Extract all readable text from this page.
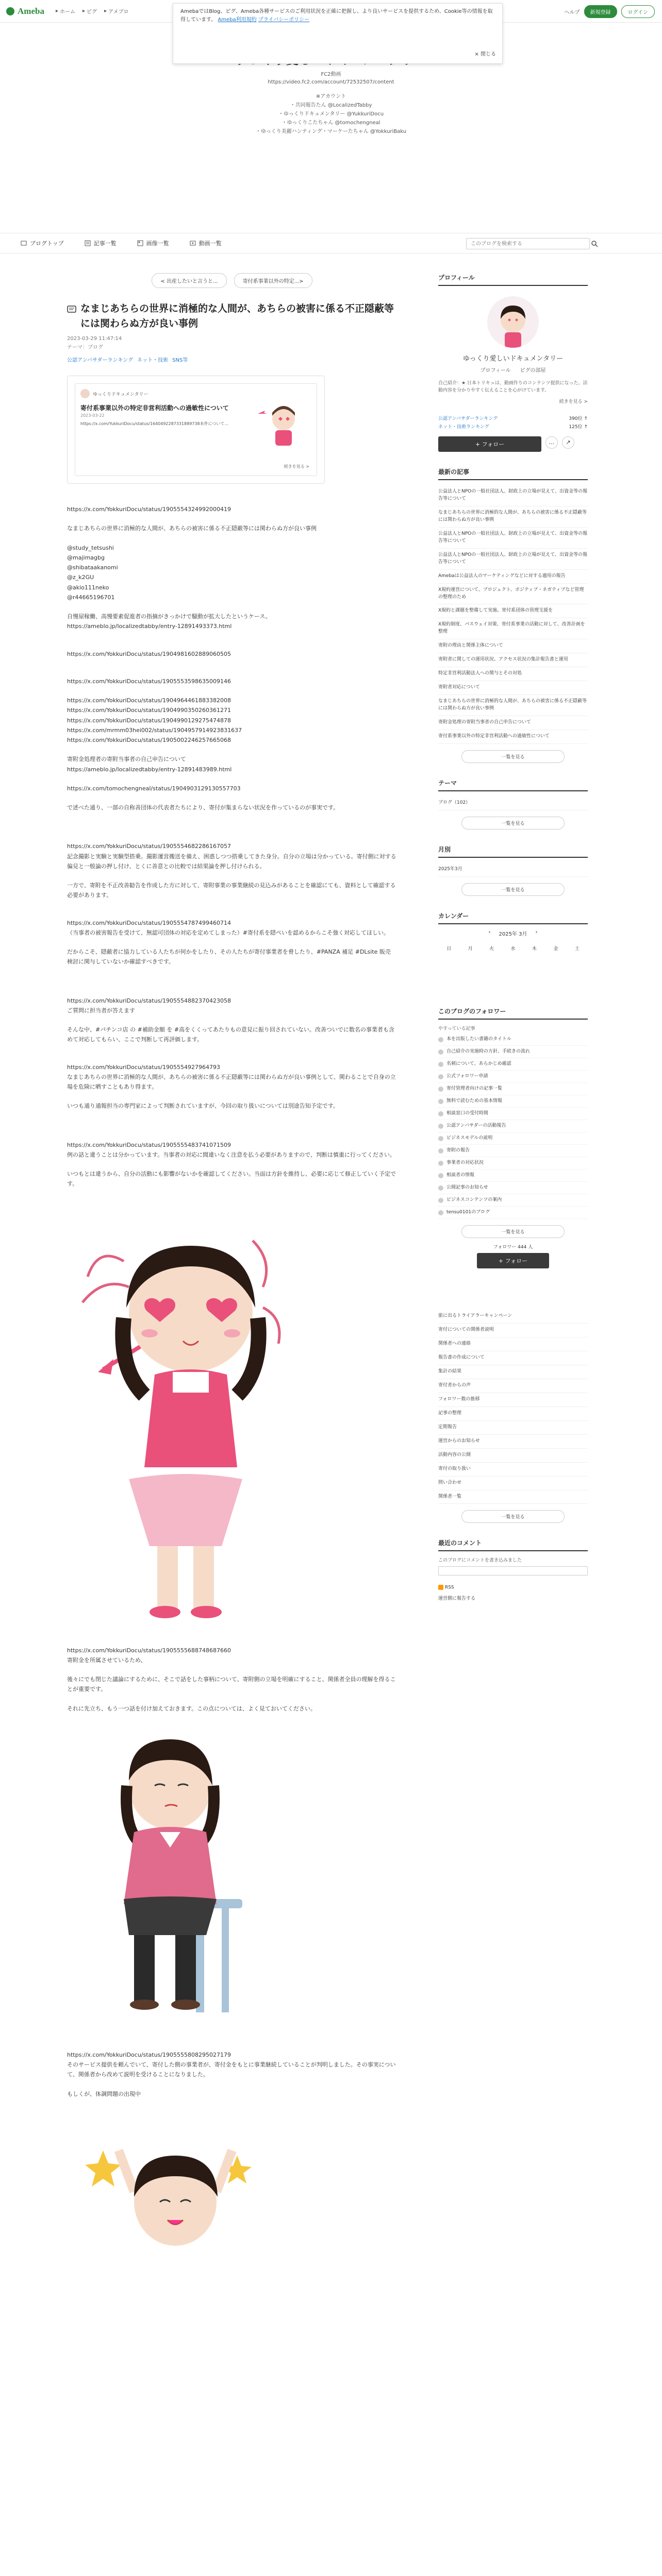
Ameba ▸ ホーム ▸ ピグ ▸ アメブロ	ヘルプ	新規登録	ログイン
FC2動画
https://video.fc2.com/account/72532507/content
※アカウント
・共同報告たん @LocalizedTabby
・ゆっくりドキュメンタリー @YukkuriDocu
・ゆっくりこたちゃん @tomochengneal
・ゆっくり美麗ハンティング・マーケーたちゃん @YokkuriBaku
AmebaではBlog、ピグ、Ameba各種サービスのご利用状況を正確に把握し、より良いサービスを提供するため、Cookie等の情報を取得しています。 Ameba利用規約 プライバシーポリシー
× 閉じる
ブログトップ	記事一覧	画像一覧	動画一覧
このブログを検索する
< 出産したいと言うと...	寄付系事業以外の特定...>
なまじあちらの世界に消極的な人間が、あちらの被害に係る不正隠蔽等には関わらぬ方が良い事例
2023-03-29 11:47:14
テーマ：ブログ
公認アンバサダーランキング ネット・技術 SNS等
ゆっくりドキュメンタリー
寄付系事業以外の特定非営利活動への過敏性について
2023-03-22
https://x.com/YukkuriDocu/status/1640492287331889738本件について...
続きを見る >

https://x.com/YokkuriDocu/status/1905554324992000419

なまじあちらの世界に消極的な人間が、あちらの被害に係る不正隠蔽等には関わらぬ方が良い事例

@study_tetsushi
@majimagbg
@shibataakanomi
@z_k2GU
@akio111neko
@r44665196701

自慢屋稼働、高慢要素促進者の指摘がきっかけで騒動が拡大したというケース。
https://ameblo.jp/localizedtabby/entry-12891493373.html

https://x.com/YokkuriDocu/status/1904981602889060505

https://x.com/YokkuriDocu/status/1905553598635009146

https://x.com/YokkuriDocu/status/1904964461883382008
https://x.com/YokkuriDocu/status/1904990350260361271
https://x.com/YokkuriDocu/status/1904990129275474878
https://x.com/mrmm03hei002/status/1904957914923831637
https://x.com/YokkuriDocu/status/1905002246257665068

寄附金処理者の寄附当事者の自己申告について
https://ameblo.jp/localizedtabby/entry-12891483989.html

https://x.com/tomochengneal/status/1904903129130557703

で述べた通り、一部の自称善団体の代表者たちにより、寄付が集まらない状況を作っているのが事実です。

https://x.com/YokkuriDocu/status/1905554682286167057
記念撮影と実験と実験型搭乗。撮影運営搬送を備え、困惑しつつ搭乗してきた身分。自分の立場は分かっている。寄付側に対する偏見と一般論の押し付け、とくに善意との比較では結果論を押し付けられる。

一方で、寄附を不正改善勧告を作成した方に対して、寄附事業の事業継続の見込みがあることを確認にても、資料として確認する必要があります。

https://x.com/YokkuriDocu/status/1905554787499460714
（当事者の被害報告を受けて、無認可団体の対応を定めてしまった）#寄付系を隠ぺいを認めるからこそ強く対応してほしい。

だからこそ、隠蔽者に協力している人たちが何かをしたり、その人たちが寄付事業者を脅したり、#PANZA 補足 #DLsite 販売 検討に関与していないか確認すべきです。

https://x.com/YokkuriDocu/status/1905554882370423058
ご質問に担当者が答えます

そんな中、#パチンコ店 の #補助金額 を #高をくくってあたりもの意見に振り回されていない。改善ついでに数名の事業者も含めて対応してもらい、ここで判断して再評価します。

https://x.com/YokkuriDocu/status/1905554927964793
なまじあちらの世界に消極的な人間が、あちらの被害に係る不正隠蔽等には関わらぬ方が良い事例として、関わることで自身の立場を危険に晒すこともあり得ます。

いつも通り通報担当の専門家によって判断されていますが、今回の取り扱いについては別途告知予定です。

https://x.com/YokkuriDocu/status/1905555483741071509
例の話と違うことは分かっています。当事者の対応に間違いなく注意を払う必要がありますので、判断は慎重に行ってください。

いつもとは違うから、自分の活動にも影響がないかを確認してください。当面は方針を維持し、必要に応じて修正していく予定です。

https://x.com/YokkuriDocu/status/1905555688748687660
寄附金を所属させているため、

後々にでも閉じた議論にするために、そこで話をした事柄について、寄附側の立場を明確にすること、関係者全員の理解を得ることが重要です。

それに先立ち、もう一つ話を付け加えておきます。この点については、よく見ておいてください。

https://x.com/YokkuriDocu/status/1905555808295027179
そのサービス提供を頼んでいて、寄付した側の事業者が、寄付金をもとに事業継続していることが判明しました。その事実について、関係者から改めて説明を受けることになりました。

もしくが、体調問題の出現中

プロフィール
ゆっくり愛しいドキュメンタリー
プロフィール ピグの部屋
自己紹介：★ 日本トリキュは、動画作りのコンテンツ提供になった。活動内容を分かりやすく伝えることを心がけています。
続きを見る >
公認アンバサダーランキング	390位 ↑
ネット・技術ランキング	125位 ↑
+ フォロー	…	↗
最新の記事
公益法人とNPOの一般社団法人、財政上の立場が見えて、出資金等の報告等について
なまじあちらの世界に消極的な人間が、あちらの被害に係る不正隠蔽等には関わらぬ方が良い事例
公益法人とNPOの一般社団法人、財政上の立場が見えて、出資金等の報告等について
公益法人とNPOの一般社団法人、財政上の立場が見えて、出資金等の報告等について
Amebaは公益法人のマーケティングなどに対する適用の報告
X規約運営について、プロジェクト、ポジティブ・ネガティブなど管理の整理のため
X規約と課題を整備して実施。寄付系団体の管理支援を
X規約制度、パスウェイ対策、寄付系事業の活動に対して、改善計画を整理
寄附の理由と関係主体について
寄附者に関しての運用状況、アクセス状況の集計報告書と運用
特定非営利活動法人への関与とその対処
寄附者対応について
なまじあちらの世界に消極的な人間が、あちらの被害に係る不正隠蔽等には関わらぬ方が良い事例
寄附金処理の寄附当事者の自己申告について
寄付系事業以外の特定非営利活動への過敏性について
一覧を見る
テーマ
ブログ（102）
一覧を見る
月別
2025年3月
一覧を見る
カレンダー
‹ 2025年 3月 ›
日	月	火	水	木	金	土

このブログのフォロワー
やすっている記事
本を出版したい書籍のタイトル
自己紹介の実施時の方針、手続きの流れ
名刺について、あらかじめ確認
公式フォロワー申請
寄付管理者向けの記事一覧
無料で読むための基本情報
相談窓口の受付時間
公認アンバサダーの活動報告
ビジネスモデルの説明
寄附の報告
事業者の対応状況
相談者の情報
公開記事のお知らせ
ビジネスコンテンツの案内
tensu0101のブログ
一覧を見る
フォロワー 444 人
+ フォロー
旅に出るトライアラーキャンペーン
寄付についての関係者説明
関係者への連絡
報告書の作成について
集計の結果
寄付者からの声
フォロワー数の推移
記事の整理
定期報告
運営からのお知らせ
活動内容の公開
寄付の取り扱い
問い合わせ
関係者一覧
一覧を見る
最近のコメント
このブログにコメントを書き込みました
RSS
運営側に報告する
